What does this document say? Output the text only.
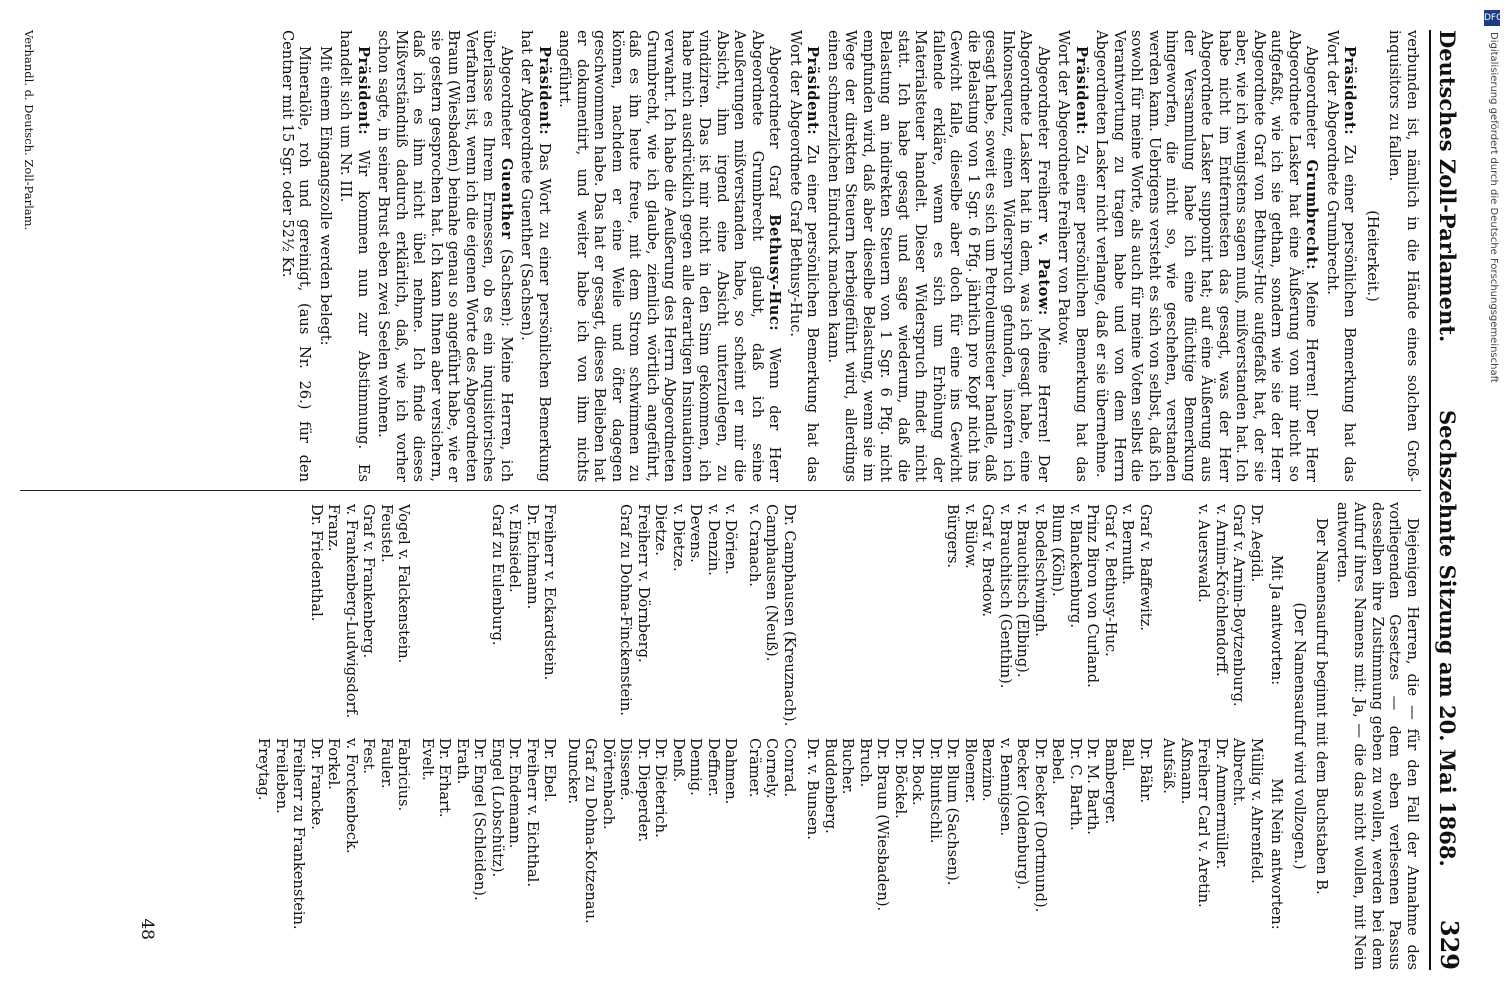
Deutsches Zoll-Parlament.
Sechszehnte Sitzung am 20. Mai 1868.
329

verbunden ist, nämlich in die Hände eines solchen Groß-inquisitors zu fallen.

(Heiterkeit.)

Präsident: Zu einer persönlichen Bemerkung hat das Wort der Abgeordnete Grumbrecht.

Abgeordneter Grumbrecht: Meine Herren! Der Herr Abgeordnete Lasker hat eine Äußerung von mir nicht so aufgefaßt, wie ich sie gethan, sondern wie sie der Herr Abgeordnete Graf von Bethusy-Huc aufgefaßt hat, der sie aber, wie ich wenigstens sagen muß, mißverstanden hat. Ich habe nicht im Entferntesten das gesagt, was der Herr Abgeordnete Lasker supponirt hat; auf eine Äußerung aus der Versammlung habe ich eine flüchtige Bemerkung hingeworfen, die nicht so, wie geschehen, verstanden werden kann. Uebrigens versteht es sich von selbst, daß ich sowohl für meine Worte, als auch für meine Voten selbst die Verantwortung zu tragen habe und von dem Herrn Abgeordneten Lasker nicht verlange, daß er sie übernehme.

Präsident: Zu einer persönlichen Bemerkung hat das Wort der Abgeordnete Freiherr von Patow.

Abgeordneter Freiherr v. Patow: Meine Herren! Der Abgeordnete Lasker hat in dem, was ich gesagt habe, eine Inkonsequenz, einen Widerspruch gefunden, insofern ich gesagt habe, soweit es sich um Petroleumsteuer handle, daß die Belastung von 1 Sgr. 6 Pfg. jährlich pro Kopf nicht ins Gewicht falle, dieselbe aber doch für eine ins Gewicht fallende erkläre, wenn es sich um Erhöhung der Materialsteuer handelt. Dieser Widerspruch findet nicht statt. Ich habe gesagt und sage wiederum, daß die Belastung an indirekten Steuern von 1 Sgr. 6 Pfg. nicht empfunden wird, daß aber dieselbe Belastung, wenn sie im Wege der direkten Steuern herbeigeführt wird, allerdings einen schmerzlichen Eindruck machen kann.

Präsident: Zu einer persönlichen Bemerkung hat das Wort der Abgeordnete Graf Bethusy-Huc.

Abgeordneter Graf Bethusy-Huc: Wenn der Herr Abgeordnete Grumbrecht glaubt, daß ich seine Aeußerungen mißverstanden habe, so scheint er mir die Absicht, ihm irgend eine Absicht unterzulegen, zu vindiziren. Das ist mir nicht in den Sinn gekommen, ich habe mich ausdrücklich gegen alle derartigen Insinuationen verwahrt. Ich habe die Aeußerung des Herrn Abgeordneten Grumbrecht, wie ich glaube, ziemlich wörtlich angeführt, daß es ihn heute freue, mit dem Strom schwimmen zu können, nachdem er eine Weile und öfter dagegen geschwommen habe. Das hat er gesagt, dieses Belieben hat er dokumentirt, und weiter habe ich von ihm nichts angeführt.

Präsident: Das Wort zu einer persönlichen Bemerkung hat der Abgeordnete Guenther (Sachsen).

Abgeordneter Guenther (Sachsen): Meine Herren, ich überlasse es Ihrem Ermessen, ob es ein inquisitorisches Verfahren ist, wenn ich die eigenen Worte des Abgeordneten Braun (Wiesbaden) beinahe genau so angeführt habe, wie er sie gestern gesprochen hat. Ich kann Ihnen aber versichern, daß ich es ihm nicht übel nehme. Ich finde dieses Mißverständniß dadurch erklärlich, daß, wie ich vorher schon sagte, in seiner Brust eben zwei Seelen wohnen.

Präsident: Wir kommen nun zur Abstimmung. Es handelt sich um Nr. III.

Mit einem Eingangszolle werden belegt:

Mineralöle, roh und gereinigt, (aus Nr. 26.) für den Centner mit 15 Sgr. oder 52½ Kr.

Verhandl. d. Deutsch. Zoll-Parlam.

Diejenigen Herren, die — für den Fall der Annahme des vorliegenden Gesetzes — dem eben verlesenen Passus desselben ihre Zustimmung geben zu wollen, werden bei dem Aufruf ihres Namens mit: Ja, — die das nicht wollen, mit Nein antworten.

Der Namensaufruf beginnt mit dem Buchstaben B.

(Der Namensaufruf wird vollzogen.)
Mit Ja antworten:
Mit Nein antworten:
Dr. Aegidi.
Graf v. Arnim-Boytzenburg.
v. Arnim-Kröchlendorff.
v. Auerswald.
Müllig v. Ahrenfeld.
Albrecht.
Dr. Ammermüller.
Freiherr Carl v. Aretin.
Aßmann.
Aufsäß.
Graf v. Baffewitz.
v. Bernuth.
Graf v. Bethusy-Huc.
Prinz Biron von Curland.
v. Blanckenburg.
Blum (Köln).
v. Bodelschwingh.
v. Brauchitsch (Elbing).
v. Brauchitsch (Genthin).
Graf v. Bredow.
v. Bülow.
Bürgers.
Dr. Bähr.
Ball.
Bamberger.
Dr. M. Barth.
Dr. C. Barth.
Bebel.
Dr. Becker (Dortmund).
Becker (Oldenburg).
v. Bennigsen.
Benzino.
Bloemer.
Dr. Blum (Sachsen).
Dr. Bluntschli.
Dr. Bock.
Dr. Böckel.
Dr. Braun (Wiesbaden).
Bruch.
Bucher.
Buddenberg.
Dr. v. Bunsen.
Dr. Camphausen (Kreuznach).
Camphausen (Neuß).
v. Cranach.
Conrad.
Cornely.
Crämer.
v. Dörien.
v. Denzin.
Devens.
v. Dietze.
Dietze.
Freiherr v. Dörnberg.
Graf zu Dohna-Finckenstein.
Dahmen.
Deffner.
Dennig.
Denß.
Dr. Dieterich.
Dr. Dieperder.
Dissené.
Dörtenbach.
Graf zu Dohna-Kotzenau.
Duncker.
Freiherr v. Eckardstein.
Dr. Eichmann.
v. Einsiedel.
Graf zu Eulenburg.
Dr. Ebel.
Freiherr v. Eichthal.
Dr. Endemann.
Engel (Lobschütz).
Dr. Engel (Schleiden).
Erath.
Dr. Erhart.
Evelt.
Vogel v. Falckenstein.
Feustel.
Graf v. Frankenberg.
v. Frankenberg-Ludwigsdorf.
Franz.
Dr. Friedenthal.
Fabricius.
Fauler.
Fest.
v. Forckenbeck.
Forkel.
Dr. Francke.
Freiherr zu Frankenstein.
Freileben.
Freytag.
48
DFG
Digitalisierung gefördert durch die Deutsche Forschungsgemeinschaft
